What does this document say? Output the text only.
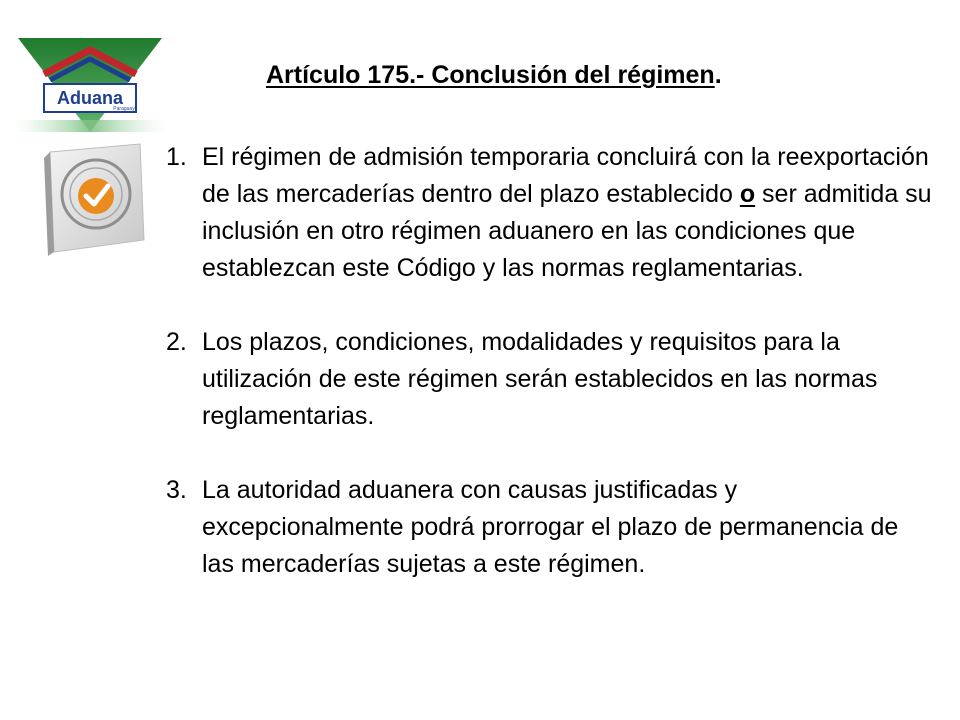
Aduana
Paraguay
Artículo 175.- Conclusión del régimen.
1. El régimen de admisión temporaria concluirá con la reexportación de las mercaderías dentro del plazo establecido o ser admitida su inclusión en otro régimen aduanero en las condiciones que establezcan este Código y las normas reglamentarias.
2. Los plazos, condiciones, modalidades y requisitos para la utilización de este régimen serán establecidos en las normas reglamentarias.
3. La autoridad aduanera con causas justificadas y excepcionalmente podrá prorrogar el plazo de permanencia de las mercaderías sujetas a este régimen.
